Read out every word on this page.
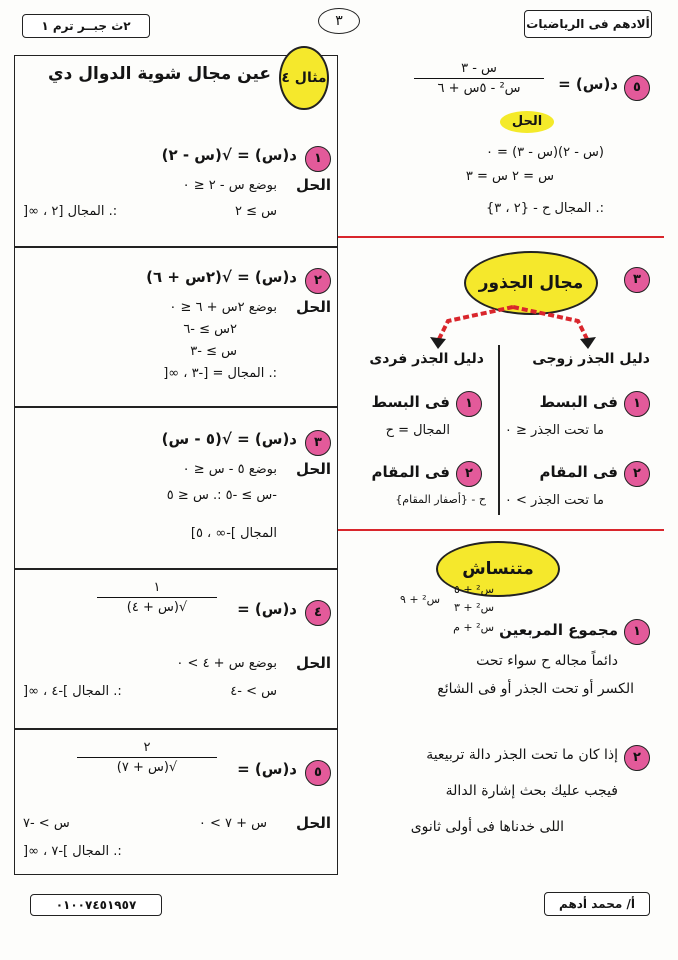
٢ث جبــر ترم ١	٣	ألادهم فى الرياضيات
مثال ٤
عين مجال شوية الدوال دي
١
د(س) = √(س - ٢)
الحل
بوضع س - ٢ ≤ ٠
س ≥ ٢
:. المجال [٢ ، ∞[
٢
د(س) = √(٢س + ٦)
الحل
بوضع ٢س + ٦ ≤ ٠
٢س ≥ -٦
س ≥ -٣
:. المجال = [-٣ ، ∞[
٣
د(س) = √(٥ - س)
الحل
بوضع ٥ - س ≤ ٠
-س ≥ -٥ :. س ≤ ٥
المجال ]-∞ ، ٥]
٤
د(س) =
١
√(س + ٤)
الحل
بوضع س + ٤ > ٠
س > -٤
:. المجال ]-٤ ، ∞[
٥
د(س) =
٢
√(س + ٧)
الحل
س + ٧ > ٠
س > -٧
:. المجال ]-٧ ، ∞[
٥
د(س) =
س - ٣
س² - ٥س + ٦
الحل
(س - ٢)(س - ٣) = ٠
س = ٢ س = ٣
:. المجال ح - {٢ ، ٣}
٣
مجال الجذور
دليل الجذر زوجى
دليل الجذر فردى
١
فى البسط
ما تحت الجذر ≤ ٠
٢
فى المقام
ما تحت الجذر > ٠
١
فى البسط
المجال = ح
٢
فى المقام
ح - {أصفار المقام}
متنساش
١
مجموع المربعين
س² + ٥
س² + ٣
س² + ٩
س² + م
دائماً مجاله ح سواء تحت
الكسر أو تحت الجذر أو فى الشائع
٢
إذا كان ما تحت الجذر دالة تربيعية
فيجب عليك بحث إشارة الدالة
اللى خدناها فى أولى ثانوى
٠١٠٠٧٤٥١٩٥٧	أ/ محمد أدهم
